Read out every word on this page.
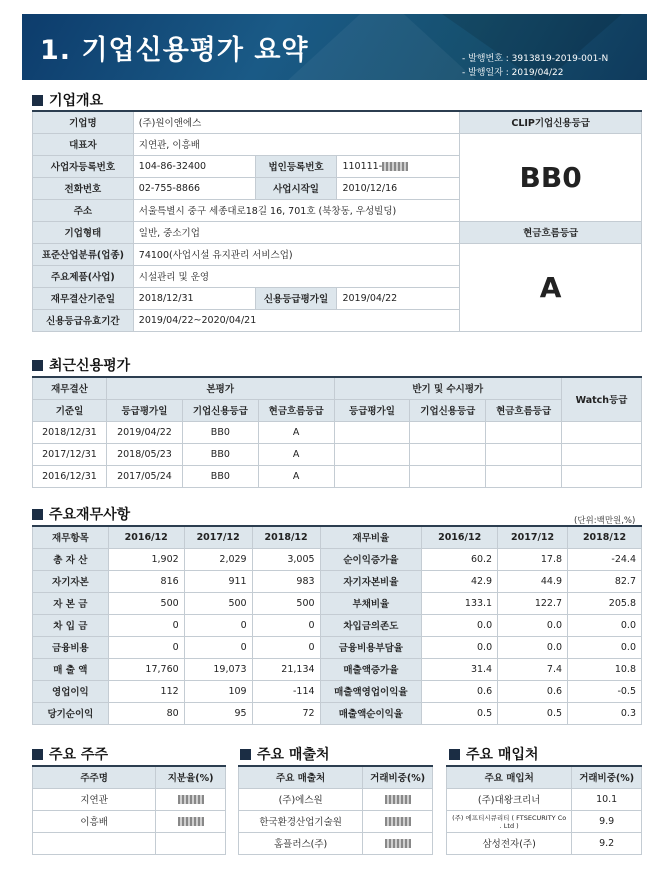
1. 기업신용평가 요약	- 발행번호 : 3913819-2019-001-N
- 발행일자 : 2019/04/22
기업개요
기업명	(주)원이앤에스			CLIP기업신용등급
대표자	지연관, 이흥배			BB0
사업자등록번호	104-86-32400	법인등록번호	110111-	
전화번호	02-755-8866	사업시작일	2010/12/16	
주소	서울특별시 중구 세종대로18길 16, 701호 (북창동, 우성빌딩)			
기업형태	일반, 중소기업			현금흐름등급
표준산업분류(업종)	74100(사업시설 유지관리 서비스업)			A
주요제품(사업)	시설관리 및 운영			
재무결산기준일	2018/12/31	신용등급평가일	2019/04/22	
신용등급유효기간	2019/04/22~2020/04/21			
최근신용평가
재무결산	본평가			반기 및 수시평가			Watch등급
기준일	등급평가일	기업신용등급	현금흐름등급	등급평가일	기업신용등급	현금흐름등급	
2018/12/31	2019/04/22	BB0	A				
2017/12/31	2018/05/23	BB0	A				
2016/12/31	2017/05/24	BB0	A				
주요재무사항	(단위:백만원,%)
재무항목	2016/12	2017/12	2018/12	재무비율	2016/12	2017/12	2018/12
총 자 산	1,902	2,029	3,005	순이익증가율	60.2	17.8	-24.4
자기자본	816	911	983	자기자본비율	42.9	44.9	82.7
자 본 금	500	500	500	부채비율	133.1	122.7	205.8
차 입 금	0	0	0	차입금의존도	0.0	0.0	0.0
금융비용	0	0	0	금융비용부담율	0.0	0.0	0.0
매 출 액	17,760	19,073	21,134	매출액증가율	31.4	7.4	10.8
영업이익	112	109	-114	매출액영업이익율	0.6	0.6	-0.5
당기순이익	80	95	72	매출액순이익율	0.5	0.5	0.3
주요 주주
주주명	지분율(%)
지연관	
이흥배	

주요 매출처
주요 매출처	거래비중(%)
(주)에스원	
한국환경산업기술원	
홈플러스(주)	
주요 매입처
주요 매입처	거래비중(%)
(주)대왕크리너	10.1
(주) 에프티시큐리티 ( FTSECURITY Co . Ltd )	9.9
삼성전자(주)	9.2
